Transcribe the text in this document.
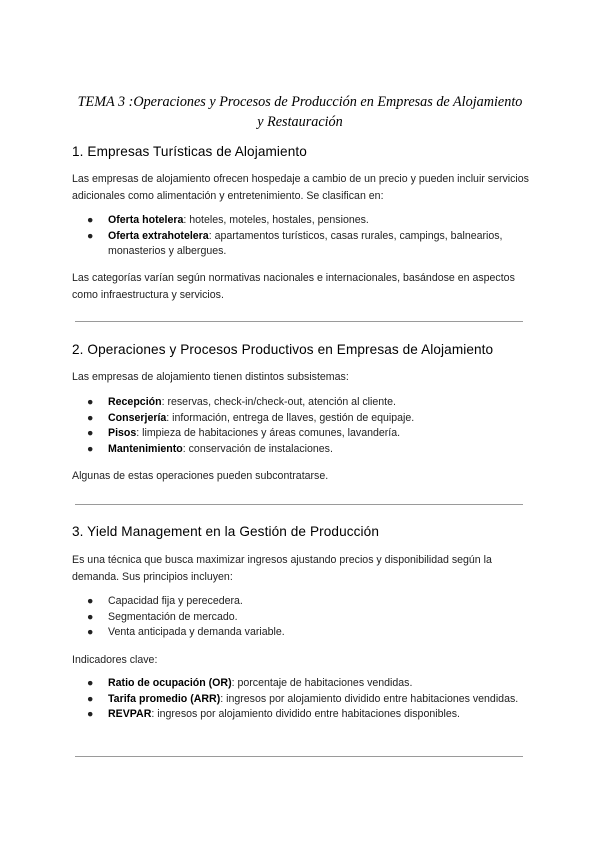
TEMA 3 :Operaciones y Procesos de Producción en Empresas de Alojamiento
y Restauración
1. Empresas Turísticas de Alojamiento

Las empresas de alojamiento ofrecen hospedaje a cambio de un precio y pueden incluir servicios adicionales como alimentación y entretenimiento. Se clasifican en:

● Oferta hotelera: hoteles, moteles, hostales, pensiones.
● Oferta extrahotelera: apartamentos turísticos, casas rurales, campings, balnearios, monasterios y albergues.

Las categorías varían según normativas nacionales e internacionales, basándose en aspectos como infraestructura y servicios.

2. Operaciones y Procesos Productivos en Empresas de Alojamiento

Las empresas de alojamiento tienen distintos subsistemas:

● Recepción: reservas, check-in/check-out, atención al cliente.
● Conserjería: información, entrega de llaves, gestión de equipaje.
● Pisos: limpieza de habitaciones y áreas comunes, lavandería.
● Mantenimiento: conservación de instalaciones.

Algunas de estas operaciones pueden subcontratarse.

3. Yield Management en la Gestión de Producción

Es una técnica que busca maximizar ingresos ajustando precios y disponibilidad según la demanda. Sus principios incluyen:

● Capacidad fija y perecedera.
● Segmentación de mercado.
● Venta anticipada y demanda variable.

Indicadores clave:

● Ratio de ocupación (OR): porcentaje de habitaciones vendidas.
● Tarifa promedio (ARR): ingresos por alojamiento dividido entre habitaciones vendidas.
● REVPAR: ingresos por alojamiento dividido entre habitaciones disponibles.
